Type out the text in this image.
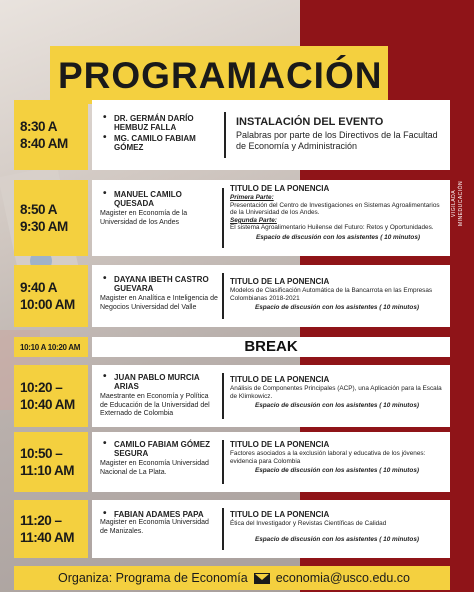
PROGRAMACIÓN
VIGILADA MINEDUCACIÓN
8:30 A
8:40 AM
• DR. GERMÁN DARÍO HEMBUZ FALLA
• MG. CAMILO FABIAM GÓMEZ
INSTALACIÓN DEL EVENTO
Palabras por parte de los Directivos de la Facultad de Economía y Administración
8:50 A
9:30 AM
• MANUEL CAMILO QUESADA
Magister en Economía de la Universidad de los Andes
TITULO DE LA PONENCIA
Primera Parte:
Presentación del Centro de Investigaciones en Sistemas Agroalimentarios de la Universidad de los Andes.
Segunda Parte:
El sistema Agroalimentario Huilense del Futuro: Retos y Oportunidades.
Espacio de discusión con los asistentes ( 10 minutos)
9:40 A
10:00 AM
• DAYANA IBETH CASTRO GUEVARA
Magister en Analítica e Inteligencia de Negocios Universidad del Valle
TITULO DE LA PONENCIA
Modelos de Clasificación Automática de la Bancarrota en las Empresas Colombianas 2018-2021
Espacio de discusión con los asistentes ( 10 minutos)
10:10 A 10:20 AM	BREAK
10:20 –
10:40 AM
• JUAN PABLO MURCIA ARIAS
Maestrante en Economía y Política de Educación de la Universidad del Externado de Colombia
TITULO DE LA PONENCIA
Análisis de Componentes Principales (ACP), una Aplicación para la Escala de Klimkowicz.
Espacio de discusión con los asistentes ( 10 minutos)
10:50 –
11:10 AM
• CAMILO FABIAM GÓMEZ SEGURA
Magister en Economía Universidad Nacional de La Plata.
TITULO DE LA PONENCIA
Factores asociados a la exclusión laboral y educativa de los jóvenes: evidencia para Colombia
Espacio de discusión con los asistentes ( 10 minutos)
11:20 –
11:40 AM
• FABIAN ADAMES PAPA
Magister en Economía Universidad de Manizales.
TITULO DE LA PONENCIA
Ética del Investigador y Revistas Científicas de Calidad
Espacio de discusión con los asistentes ( 10 minutos)
Organiza: Programa de Economía economia@usco.edu.co
